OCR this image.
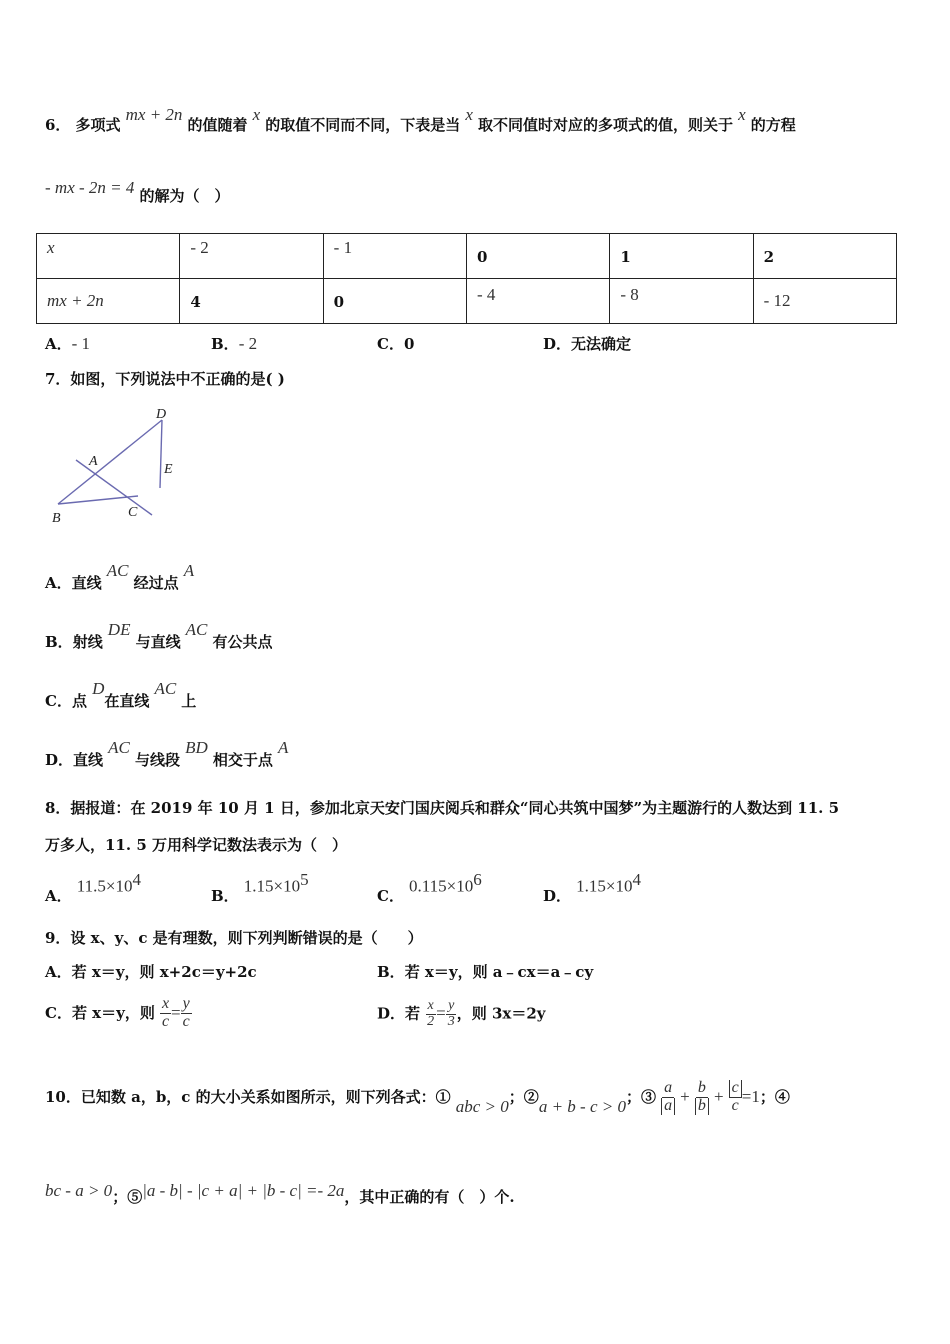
6． 多项式 mx + 2n 的值随着 x 的取值不同而不同，下表是当 x 取不同值时对应的多项式的值，则关于 x 的方程
- mx - 2n = 4 的解为（　）
x	- 2	- 1	0	1	2
mx + 2n	4	0	- 4	- 8	- 12
A．- 1	B．- 2	C．0	D．无法确定
7．如图，下列说法中不正确的是( )
D
A
E
B	C
A．直线 AC 经过点 A
B．射线 DE 与直线 AC 有公共点
C．点 D在直线 AC 上
D．直线 AC 与线段 BD 相交于点 A
8．据报道：在 2019 年 10 月 1 日，参加北京天安门国庆阅兵和群众“同心共筑中国梦”为主题游行的人数达到 11. 5
万多人，11. 5 万用科学记数法表示为（　）
A． $11.5\times 10^4$
B． $1.15\times 10^5$
C． $0.115\times 10^6$
D． $1.15\times 10^4$
9．设 x、y、c 是有理数，则下列判断错误的是（　　）
A．若 x＝y，则 x+2c＝y+2c	B．若 x＝y，则 a﹣cx＝a﹣cy
C．若 x＝y，则 $\frac{x}{c} = \frac{y}{c}$	D．若 $\frac{x}{2} = \frac{y}{3}$ ，则 3x＝2y
10．已知数 a，b，c 的大小关系如图所示，则下列各式：① abc > 0；②a + b - c > 0；③ $\frac{a}{a} + \frac{b}{b} + \frac{c}{c} =1$；④
bc - a > 0；⑤|a - b| - |c + a| + |b - c| =- 2a，其中正确的有（　）个.
